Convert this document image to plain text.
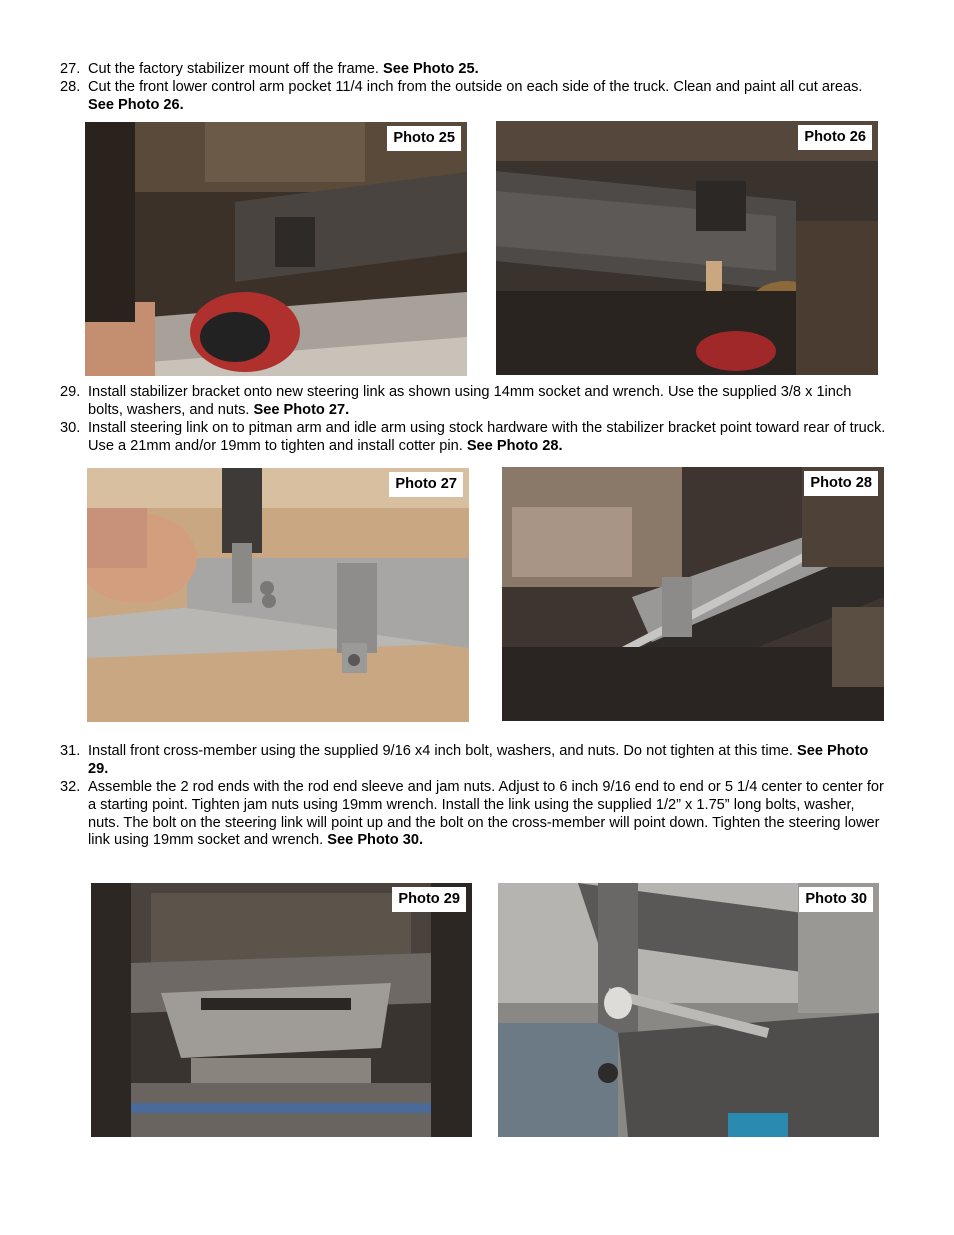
27. Cut the factory stabilizer mount off the frame. See Photo 25.
28. Cut the front lower control arm pocket 11/4 inch from the outside on each side of the truck. Clean and paint all cut areas. See Photo 26.
Photo 25	Photo 26
29. Install stabilizer bracket onto new steering link as shown using 14mm socket and wrench. Use the supplied 3/8 x 1inch bolts, washers, and nuts. See Photo 27.
30. Install steering link on to pitman arm and idle arm using stock hardware with the stabilizer bracket point toward rear of truck. Use a 21mm and/or 19mm to tighten and install cotter pin. See Photo 28.
Photo 27	Photo 28
31. Install front cross-member using the supplied 9/16 x4 inch bolt, washers, and nuts. Do not tighten at this time. See Photo 29.
32. Assemble the 2 rod ends with the rod end sleeve and jam nuts. Adjust to 6 inch 9/16 end to end or 5 1/4 center to center for a starting point. Tighten jam nuts using 19mm wrench. Install the link using the supplied 1/2” x 1.75” long bolts, washer, nuts. The bolt on the steering link will point up and the bolt on the cross-member will point down. Tighten the steering lower link using 19mm socket and wrench. See Photo 30.
Photo 29	Photo 30
